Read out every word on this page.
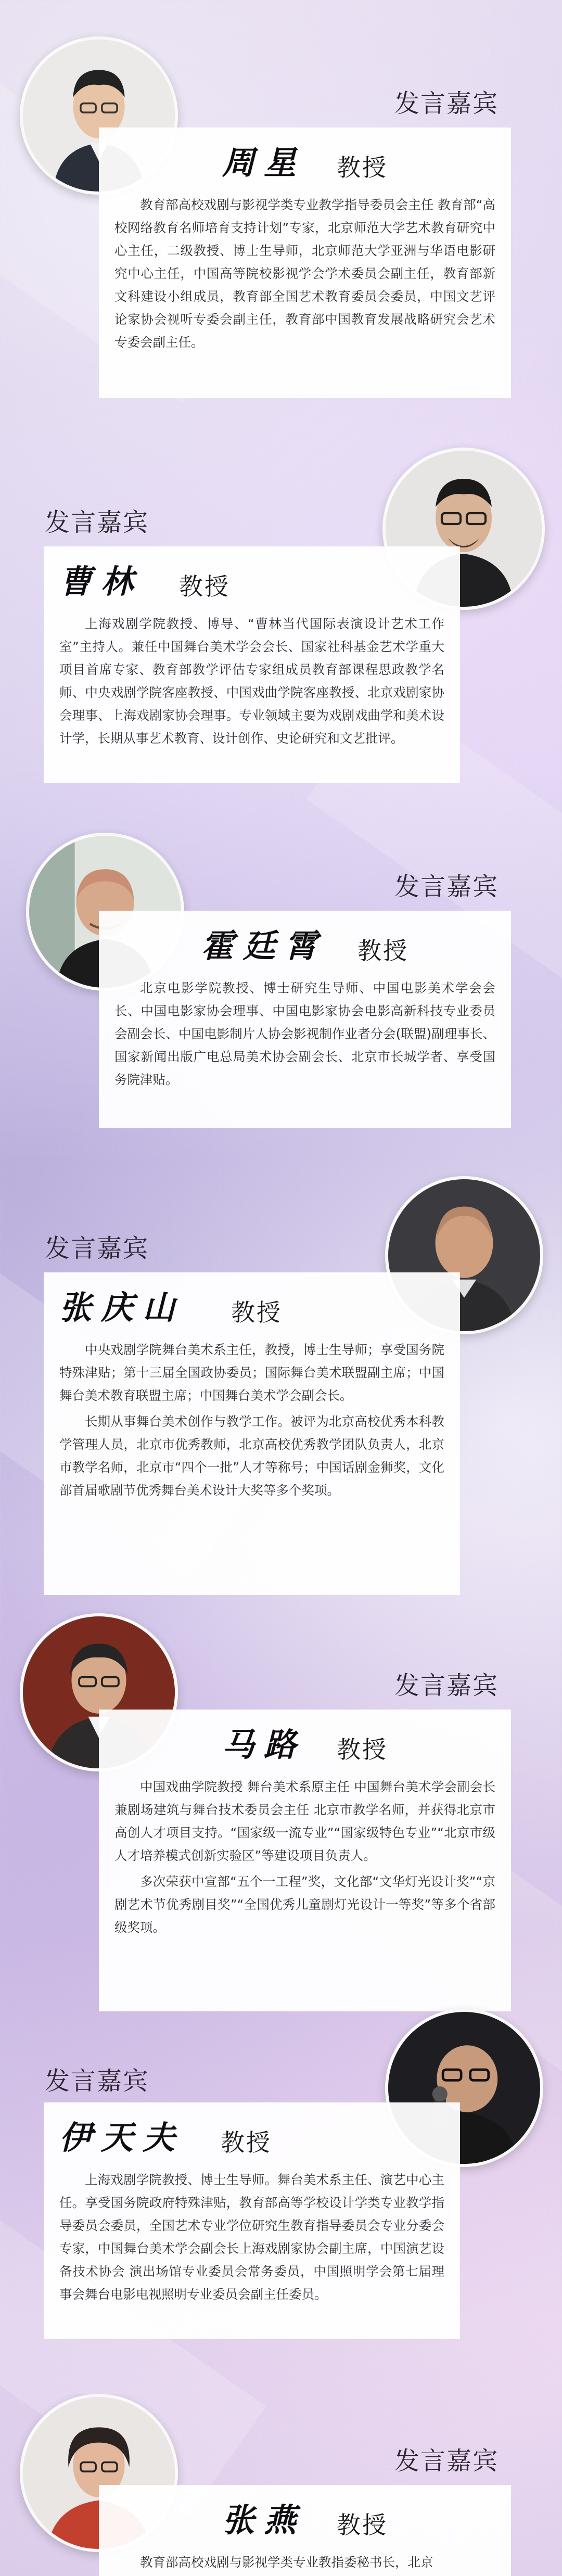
发言嘉宾
周星 教授

教育部高校戏剧与影视学类专业教学指导委员会主任 教育部“高校网络教育名师培育支持计划”专家，北京师范大学艺术教育研究中心主任，二级教授、博士生导师，北京师范大学亚洲与华语电影研究中心主任，中国高等院校影视学会学术委员会副主任，教育部新文科建设小组成员，教育部全国艺术教育委员会委员，中国文艺评论家协会视听专委会副主任，教育部中国教育发展战略研究会艺术专委会副主任。

发言嘉宾
曹林 教授

上海戏剧学院教授、博导、“曹林当代国际表演设计艺术工作室”主持人。兼任中国舞台美术学会会长、国家社科基金艺术学重大项目首席专家、教育部教学评估专家组成员教育部课程思政教学名师、中央戏剧学院客座教授、中国戏曲学院客座教授、北京戏剧家协会理事、上海戏剧家协会理事。专业领域主要为戏剧戏曲学和美术设计学，长期从事艺术教育、设计创作、史论研究和文艺批评。

发言嘉宾
霍廷霄 教授

北京电影学院教授、博士研究生导师、中国电影美术学会会长、中国电影家协会理事、中国电影家协会电影高新科技专业委员会副会长、中国电影制片人协会影视制作业者分会(联盟)副理事长、国家新闻出版广电总局美术协会副会长、北京市长城学者、享受国务院津贴。

发言嘉宾
张庆山 教授

中央戏剧学院舞台美术系主任，教授，博士生导师；享受国务院特殊津贴；第十三届全国政协委员；国际舞台美术联盟副主席；中国舞台美术教育联盟主席；中国舞台美术学会副会长。

长期从事舞台美术创作与教学工作。被评为北京高校优秀本科教学管理人员，北京市优秀教师，北京高校优秀教学团队负责人，北京市教学名师，北京市“四个一批”人才等称号；中国话剧金狮奖，文化部首届歌剧节优秀舞台美术设计大奖等多个奖项。

发言嘉宾
马路 教授

中国戏曲学院教授 舞台美术系原主任 中国舞台美术学会副会长 兼剧场建筑与舞台技术委员会主任 北京市教学名师，并获得北京市高创人才项目支持。“国家级一流专业”“国家级特色专业”“北京市级人才培养模式创新实验区”等建设项目负责人。

多次荣获中宣部“五个一工程”奖，文化部“文华灯光设计奖”“京剧艺术节优秀剧目奖”“全国优秀儿童剧灯光设计一等奖”等多个省部级奖项。

发言嘉宾
伊天夫 教授

上海戏剧学院教授、博士生导师。舞台美术系主任、演艺中心主任。享受国务院政府特殊津贴，教育部高等学校设计学类专业教学指导委员会委员，全国艺术专业学位研究生教育指导委员会专业分委会专家，中国舞台美术学会副会长上海戏剧家协会副主席，中国演艺设备技术协会 演出场馆专业委员会常务委员，中国照明学会第七届理事会舞台电影电视照明专业委员会副主任委员。

发言嘉宾
张燕 教授

教育部高校戏剧与影视学类专业教指委秘书长，北京
